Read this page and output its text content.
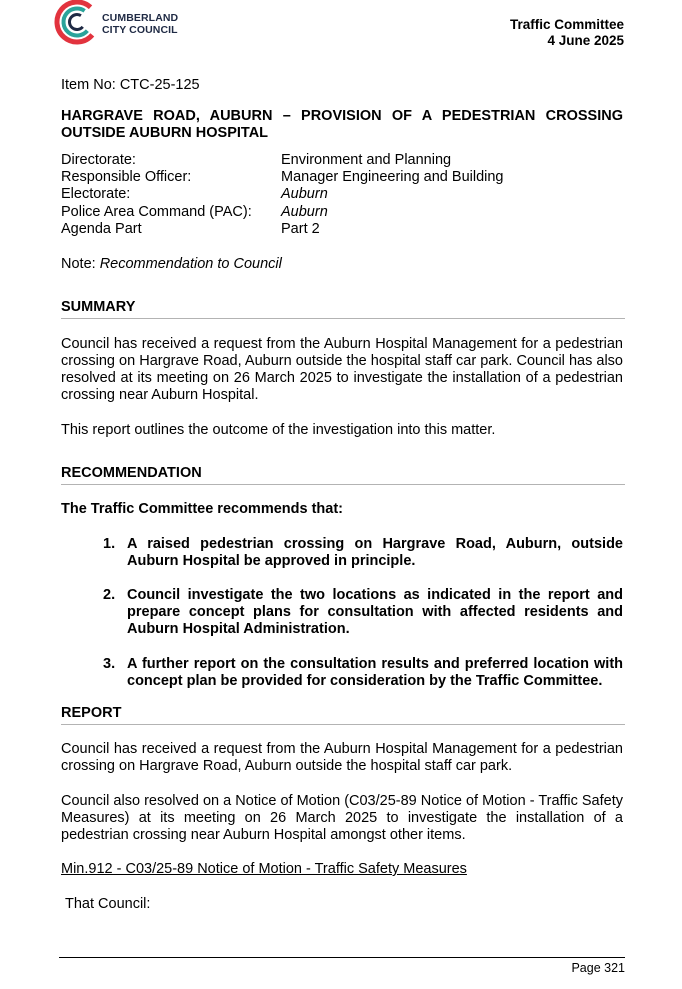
CUMBERLAND
CITY COUNCIL	Traffic Committee
4 June 2025
Item No: CTC-25-125
HARGRAVE ROAD, AUBURN – PROVISION OF A PEDESTRIAN CROSSING OUTSIDE AUBURN HOSPITAL
Directorate:	Environment and Planning
Responsible Officer:	Manager Engineering and Building
Electorate:	Auburn
Police Area Command (PAC):	Auburn
Agenda Part	Part 2
Note: Recommendation to Council
SUMMARY
Council has received a request from the Auburn Hospital Management for a pedestrian crossing on Hargrave Road, Auburn outside the hospital staff car park. Council has also resolved at its meeting on 26 March 2025 to investigate the installation of a pedestrian crossing near Auburn Hospital.
This report outlines the outcome of the investigation into this matter.
RECOMMENDATION
The Traffic Committee recommends that:
1. A raised pedestrian crossing on Hargrave Road, Auburn, outside Auburn Hospital be approved in principle.
2. Council investigate the two locations as indicated in the report and prepare concept plans for consultation with affected residents and Auburn Hospital Administration.
3. A further report on the consultation results and preferred location with concept plan be provided for consideration by the Traffic Committee.
REPORT
Council has received a request from the Auburn Hospital Management for a pedestrian crossing on Hargrave Road, Auburn outside the hospital staff car park.
Council also resolved on a Notice of Motion (C03/25-89 Notice of Motion - Traffic Safety Measures) at its meeting on 26 March 2025 to investigate the installation of a pedestrian crossing near Auburn Hospital amongst other items.
Min.912 - C03/25-89 Notice of Motion - Traffic Safety Measures
That Council:
Page 321
